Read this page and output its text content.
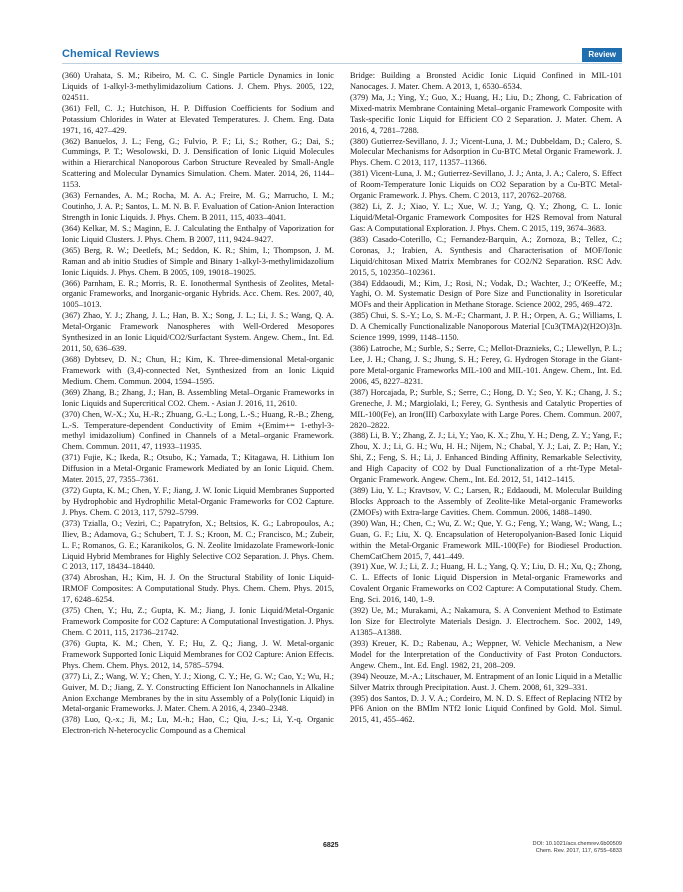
Chemical Reviews	Review

(360) Urahata, S. M.; Ribeiro, M. C. C. Single Particle Dynamics in Ionic Liquids of 1-alkyl-3-methylimidazolium Cations. J. Chem. Phys. 2005, 122, 024511.

(361) Fell, C. J.; Hutchison, H. P. Diffusion Coefficients for Sodium and Potassium Chlorides in Water at Elevated Temperatures. J. Chem. Eng. Data 1971, 16, 427–429.

(362) Banuelos, J. L.; Feng, G.; Fulvio, P. F.; Li, S.; Rother, G.; Dai, S.; Cummings, P. T.; Wesolowski, D. J. Densification of Ionic Liquid Molecules within a Hierarchical Nanoporous Carbon Structure Revealed by Small-Angle Scattering and Molecular Dynamics Simulation. Chem. Mater. 2014, 26, 1144–1153.

(363) Fernandes, A. M.; Rocha, M. A. A.; Freire, M. G.; Marrucho, I. M.; Coutinho, J. A. P.; Santos, L. M. N. B. F. Evaluation of Cation-Anion Interaction Strength in Ionic Liquids. J. Phys. Chem. B 2011, 115, 4033–4041.

(364) Kelkar, M. S.; Maginn, E. J. Calculating the Enthalpy of Vaporization for Ionic Liquid Clusters. J. Phys. Chem. B 2007, 111, 9424–9427.

(365) Berg, R. W.; Deetlefs, M.; Seddon, K. R.; Shim, I.; Thompson, J. M. Raman and ab initio Studies of Simple and Binary 1-alkyl-3-methylimidazolium Ionic Liquids. J. Phys. Chem. B 2005, 109, 19018–19025.

(366) Parnham, E. R.; Morris, R. E. Ionothermal Synthesis of Zeolites, Metal-organic Frameworks, and Inorganic-organic Hybrids. Acc. Chem. Res. 2007, 40, 1005–1013.

(367) Zhao, Y. J.; Zhang, J. L.; Han, B. X.; Song, J. L.; Li, J. S.; Wang, Q. A. Metal-Organic Framework Nanospheres with Well-Ordered Mesopores Synthesized in an Ionic Liquid/CO2/Surfactant System. Angew. Chem., Int. Ed. 2011, 50, 636–639.

(368) Dybtsev, D. N.; Chun, H.; Kim, K. Three-dimensional Metal-organic Framework with (3,4)-connected Net, Synthesized from an Ionic Liquid Medium. Chem. Commun. 2004, 1594–1595.

(369) Zhang, B.; Zhang, J.; Han, B. Assembling Metal–Organic Frameworks in Ionic Liquids and Supercritical CO2. Chem. - Asian J. 2016, 11, 2610.

(370) Chen, W.-X.; Xu, H.-R.; Zhuang, G.-L.; Long, L.-S.; Huang, R.-B.; Zheng, L.-S. Temperature-dependent Conductivity of Emim +(Emim+= 1-ethyl-3-methyl imidazolium) Confined in Channels of a Metal–organic Framework. Chem. Commun. 2011, 47, 11933–11935.

(371) Fujie, K.; Ikeda, R.; Otsubo, K.; Yamada, T.; Kitagawa, H. Lithium Ion Diffusion in a Metal-Organic Framework Mediated by an Ionic Liquid. Chem. Mater. 2015, 27, 7355–7361.

(372) Gupta, K. M.; Chen, Y. F.; Jiang, J. W. Ionic Liquid Membranes Supported by Hydrophobic and Hydrophilic Metal-Organic Frameworks for CO2 Capture. J. Phys. Chem. C 2013, 117, 5792–5799.

(373) Tzialla, O.; Veziri, C.; Papatryfon, X.; Beltsios, K. G.; Labropoulos, A.; Iliev, B.; Adamova, G.; Schubert, T. J. S.; Kroon, M. C.; Francisco, M.; Zubeir, L. F.; Romanos, G. E.; Karanikolos, G. N. Zeolite Imidazolate Framework-Ionic Liquid Hybrid Membranes for Highly Selective CO2 Separation. J. Phys. Chem. C 2013, 117, 18434–18440.

(374) Abroshan, H.; Kim, H. J. On the Structural Stability of Ionic Liquid-IRMOF Composites: A Computational Study. Phys. Chem. Chem. Phys. 2015, 17, 6248–6254.

(375) Chen, Y.; Hu, Z.; Gupta, K. M.; Jiang, J. Ionic Liquid/Metal-Organic Framework Composite for CO2 Capture: A Computational Investigation. J. Phys. Chem. C 2011, 115, 21736–21742.

(376) Gupta, K. M.; Chen, Y. F.; Hu, Z. Q.; Jiang, J. W. Metal-organic Framework Supported Ionic Liquid Membranes for CO2 Capture: Anion Effects. Phys. Chem. Chem. Phys. 2012, 14, 5785–5794.

(377) Li, Z.; Wang, W. Y.; Chen, Y. J.; Xiong, C. Y.; He, G. W.; Cao, Y.; Wu, H.; Guiver, M. D.; Jiang, Z. Y. Constructing Efficient Ion Nanochannels in Alkaline Anion Exchange Membranes by the in situ Assembly of a Poly(Ionic Liquid) in Metal-organic Frameworks. J. Mater. Chem. A 2016, 4, 2340–2348.

(378) Luo, Q.-x.; Ji, M.; Lu, M.-h.; Hao, C.; Qiu, J.-s.; Li, Y.-q. Organic Electron-rich N-heterocyclic Compound as a Chemical

Bridge: Building a Bronsted Acidic Ionic Liquid Confined in MIL-101 Nanocages. J. Mater. Chem. A 2013, 1, 6530–6534.

(379) Ma, J.; Ying, Y.; Guo, X.; Huang, H.; Liu, D.; Zhong, C. Fabrication of Mixed-matrix Membrane Containing Metal–organic Framework Composite with Task-specific Ionic Liquid for Efficient CO 2 Separation. J. Mater. Chem. A 2016, 4, 7281–7288.

(380) Gutierrez-Sevillano, J. J.; Vicent-Luna, J. M.; Dubbeldam, D.; Calero, S. Molecular Mechanisms for Adsorption in Cu-BTC Metal Organic Framework. J. Phys. Chem. C 2013, 117, 11357–11366.

(381) Vicent-Luna, J. M.; Gutierrez-Sevillano, J. J.; Anta, J. A.; Calero, S. Effect of Room-Temperature Ionic Liquids on CO2 Separation by a Cu-BTC Metal-Organic Framework. J. Phys. Chem. C 2013, 117, 20762–20768.

(382) Li, Z. J.; Xiao, Y. L.; Xue, W. J.; Yang, Q. Y.; Zhong, C. L. Ionic Liquid/Metal-Organic Framework Composites for H2S Removal from Natural Gas: A Computational Exploration. J. Phys. Chem. C 2015, 119, 3674–3683.

(383) Casado-Coterillo, C.; Fernandez-Barquin, A.; Zornoza, B.; Tellez, C.; Coronas, J.; Irabien, A. Synthesis and Characterisation of MOF/Ionic Liquid/chitosan Mixed Matrix Membranes for CO2/N2 Separation. RSC Adv. 2015, 5, 102350–102361.

(384) Eddaoudi, M.; Kim, J.; Rosi, N.; Vodak, D.; Wachter, J.; O'Keeffe, M.; Yaghi, O. M. Systematic Design of Pore Size and Functionality in Isoreticular MOFs and their Application in Methane Storage. Science 2002, 295, 469–472.

(385) Chui, S. S.-Y.; Lo, S. M.-F.; Charmant, J. P. H.; Orpen, A. G.; Williams, I. D. A Chemically Functionalizable Nanoporous Material [Cu3(TMA)2(H2O)3]n. Science 1999, 1999, 1148–1150.

(386) Latroche, M.; Surble, S.; Serre, C.; Mellot-Draznieks, C.; Llewellyn, P. L.; Lee, J. H.; Chang, J. S.; Jhung, S. H.; Ferey, G. Hydrogen Storage in the Giant-pore Metal-organic Frameworks MIL-100 and MIL-101. Angew. Chem., Int. Ed. 2006, 45, 8227–8231.

(387) Horcajada, P.; Surble, S.; Serre, C.; Hong, D. Y.; Seo, Y. K.; Chang, J. S.; Greneche, J. M.; Margiolaki, I.; Ferey, G. Synthesis and Catalytic Properties of MIL-100(Fe), an Iron(III) Carboxylate with Large Pores. Chem. Commun. 2007, 2820–2822.

(388) Li, B. Y.; Zhang, Z. J.; Li, Y.; Yao, K. X.; Zhu, Y. H.; Deng, Z. Y.; Yang, F.; Zhou, X. J.; Li, G. H.; Wu, H. H.; Nijem, N.; Chabal, Y. J.; Lai, Z. P.; Han, Y.; Shi, Z.; Feng, S. H.; Li, J. Enhanced Binding Affinity, Remarkable Selectivity, and High Capacity of CO2 by Dual Functionalization of a rht-Type Metal-Organic Framework. Angew. Chem., Int. Ed. 2012, 51, 1412–1415.

(389) Liu, Y. L.; Kravtsov, V. C.; Larsen, R.; Eddaoudi, M. Molecular Building Blocks Approach to the Assembly of Zeolite-like Metal-organic Frameworks (ZMOFs) with Extra-large Cavities. Chem. Commun. 2006, 1488–1490.

(390) Wan, H.; Chen, C.; Wu, Z. W.; Que, Y. G.; Feng, Y.; Wang, W.; Wang, L.; Guan, G. F.; Liu, X. Q. Encapsulation of Heteropolyanion-Based Ionic Liquid within the Metal-Organic Framework MIL-100(Fe) for Biodiesel Production. ChemCatChem 2015, 7, 441–449.

(391) Xue, W. J.; Li, Z. J.; Huang, H. L.; Yang, Q. Y.; Liu, D. H.; Xu, Q.; Zhong, C. L. Effects of Ionic Liquid Dispersion in Metal-organic Frameworks and Covalent Organic Frameworks on CO2 Capture: A Computational Study. Chem. Eng. Sci. 2016, 140, 1–9.

(392) Ue, M.; Murakami, A.; Nakamura, S. A Convenient Method to Estimate Ion Size for Electrolyte Materials Design. J. Electrochem. Soc. 2002, 149, A1385–A1388.

(393) Kreuer, K. D.; Rabenau, A.; Weppner, W. Vehicle Mechanism, a New Model for the Interpretation of the Conductivity of Fast Proton Conductors. Angew. Chem., Int. Ed. Engl. 1982, 21, 208–209.

(394) Neouze, M.-A.; Litschauer, M. Entrapment of an Ionic Liquid in a Metallic Silver Matrix through Precipitation. Aust. J. Chem. 2008, 61, 329–331.

(395) dos Santos, D. J. V. A.; Cordeiro, M. N. D. S. Effect of Replacing NTf2 by PF6 Anion on the BMIm NTf2 Ionic Liquid Confined by Gold. Mol. Simul. 2015, 41, 455–462.

6825	DOI: 10.1021/acs.chemrev.6b00509
Chem. Rev. 2017, 117, 6755–6833
